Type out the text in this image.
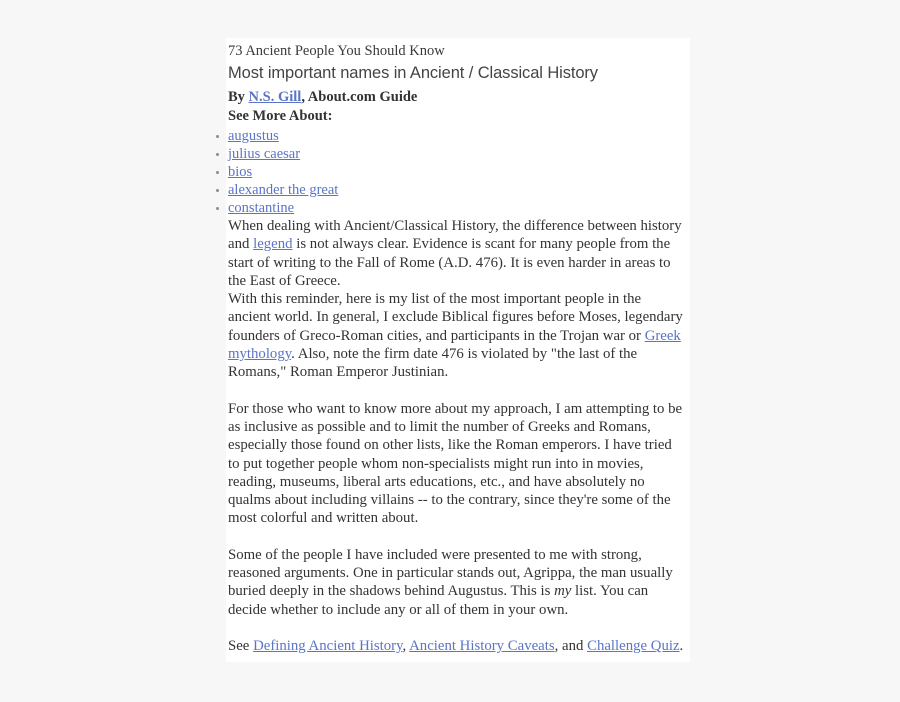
73 Ancient People You Should Know
Most important names in Ancient / Classical History
By N.S. Gill, About.com Guide
See More About:
augustus
julius caesar
bios
alexander the great
constantine
When dealing with Ancient/Classical History, the difference between history and legend is not always clear. Evidence is scant for many people from the start of writing to the Fall of Rome (A.D. 476). It is even harder in areas to the East of Greece.
With this reminder, here is my list of the most important people in the ancient world. In general, I exclude Biblical figures before Moses, legendary founders of Greco-Roman cities, and participants in the Trojan war or Greek mythology. Also, note the firm date 476 is violated by "the last of the Romans," Roman Emperor Justinian.
For those who want to know more about my approach, I am attempting to be as inclusive as possible and to limit the number of Greeks and Romans, especially those found on other lists, like the Roman emperors. I have tried to put together people whom non-specialists might run into in movies, reading, museums, liberal arts educations, etc., and have absolutely no qualms about including villains -- to the contrary, since they're some of the most colorful and written about.
Some of the people I have included were presented to me with strong, reasoned arguments. One in particular stands out, Agrippa, the man usually buried deeply in the shadows behind Augustus. This is my list. You can decide whether to include any or all of them in your own.
See Defining Ancient History, Ancient History Caveats, and Challenge Quiz.
